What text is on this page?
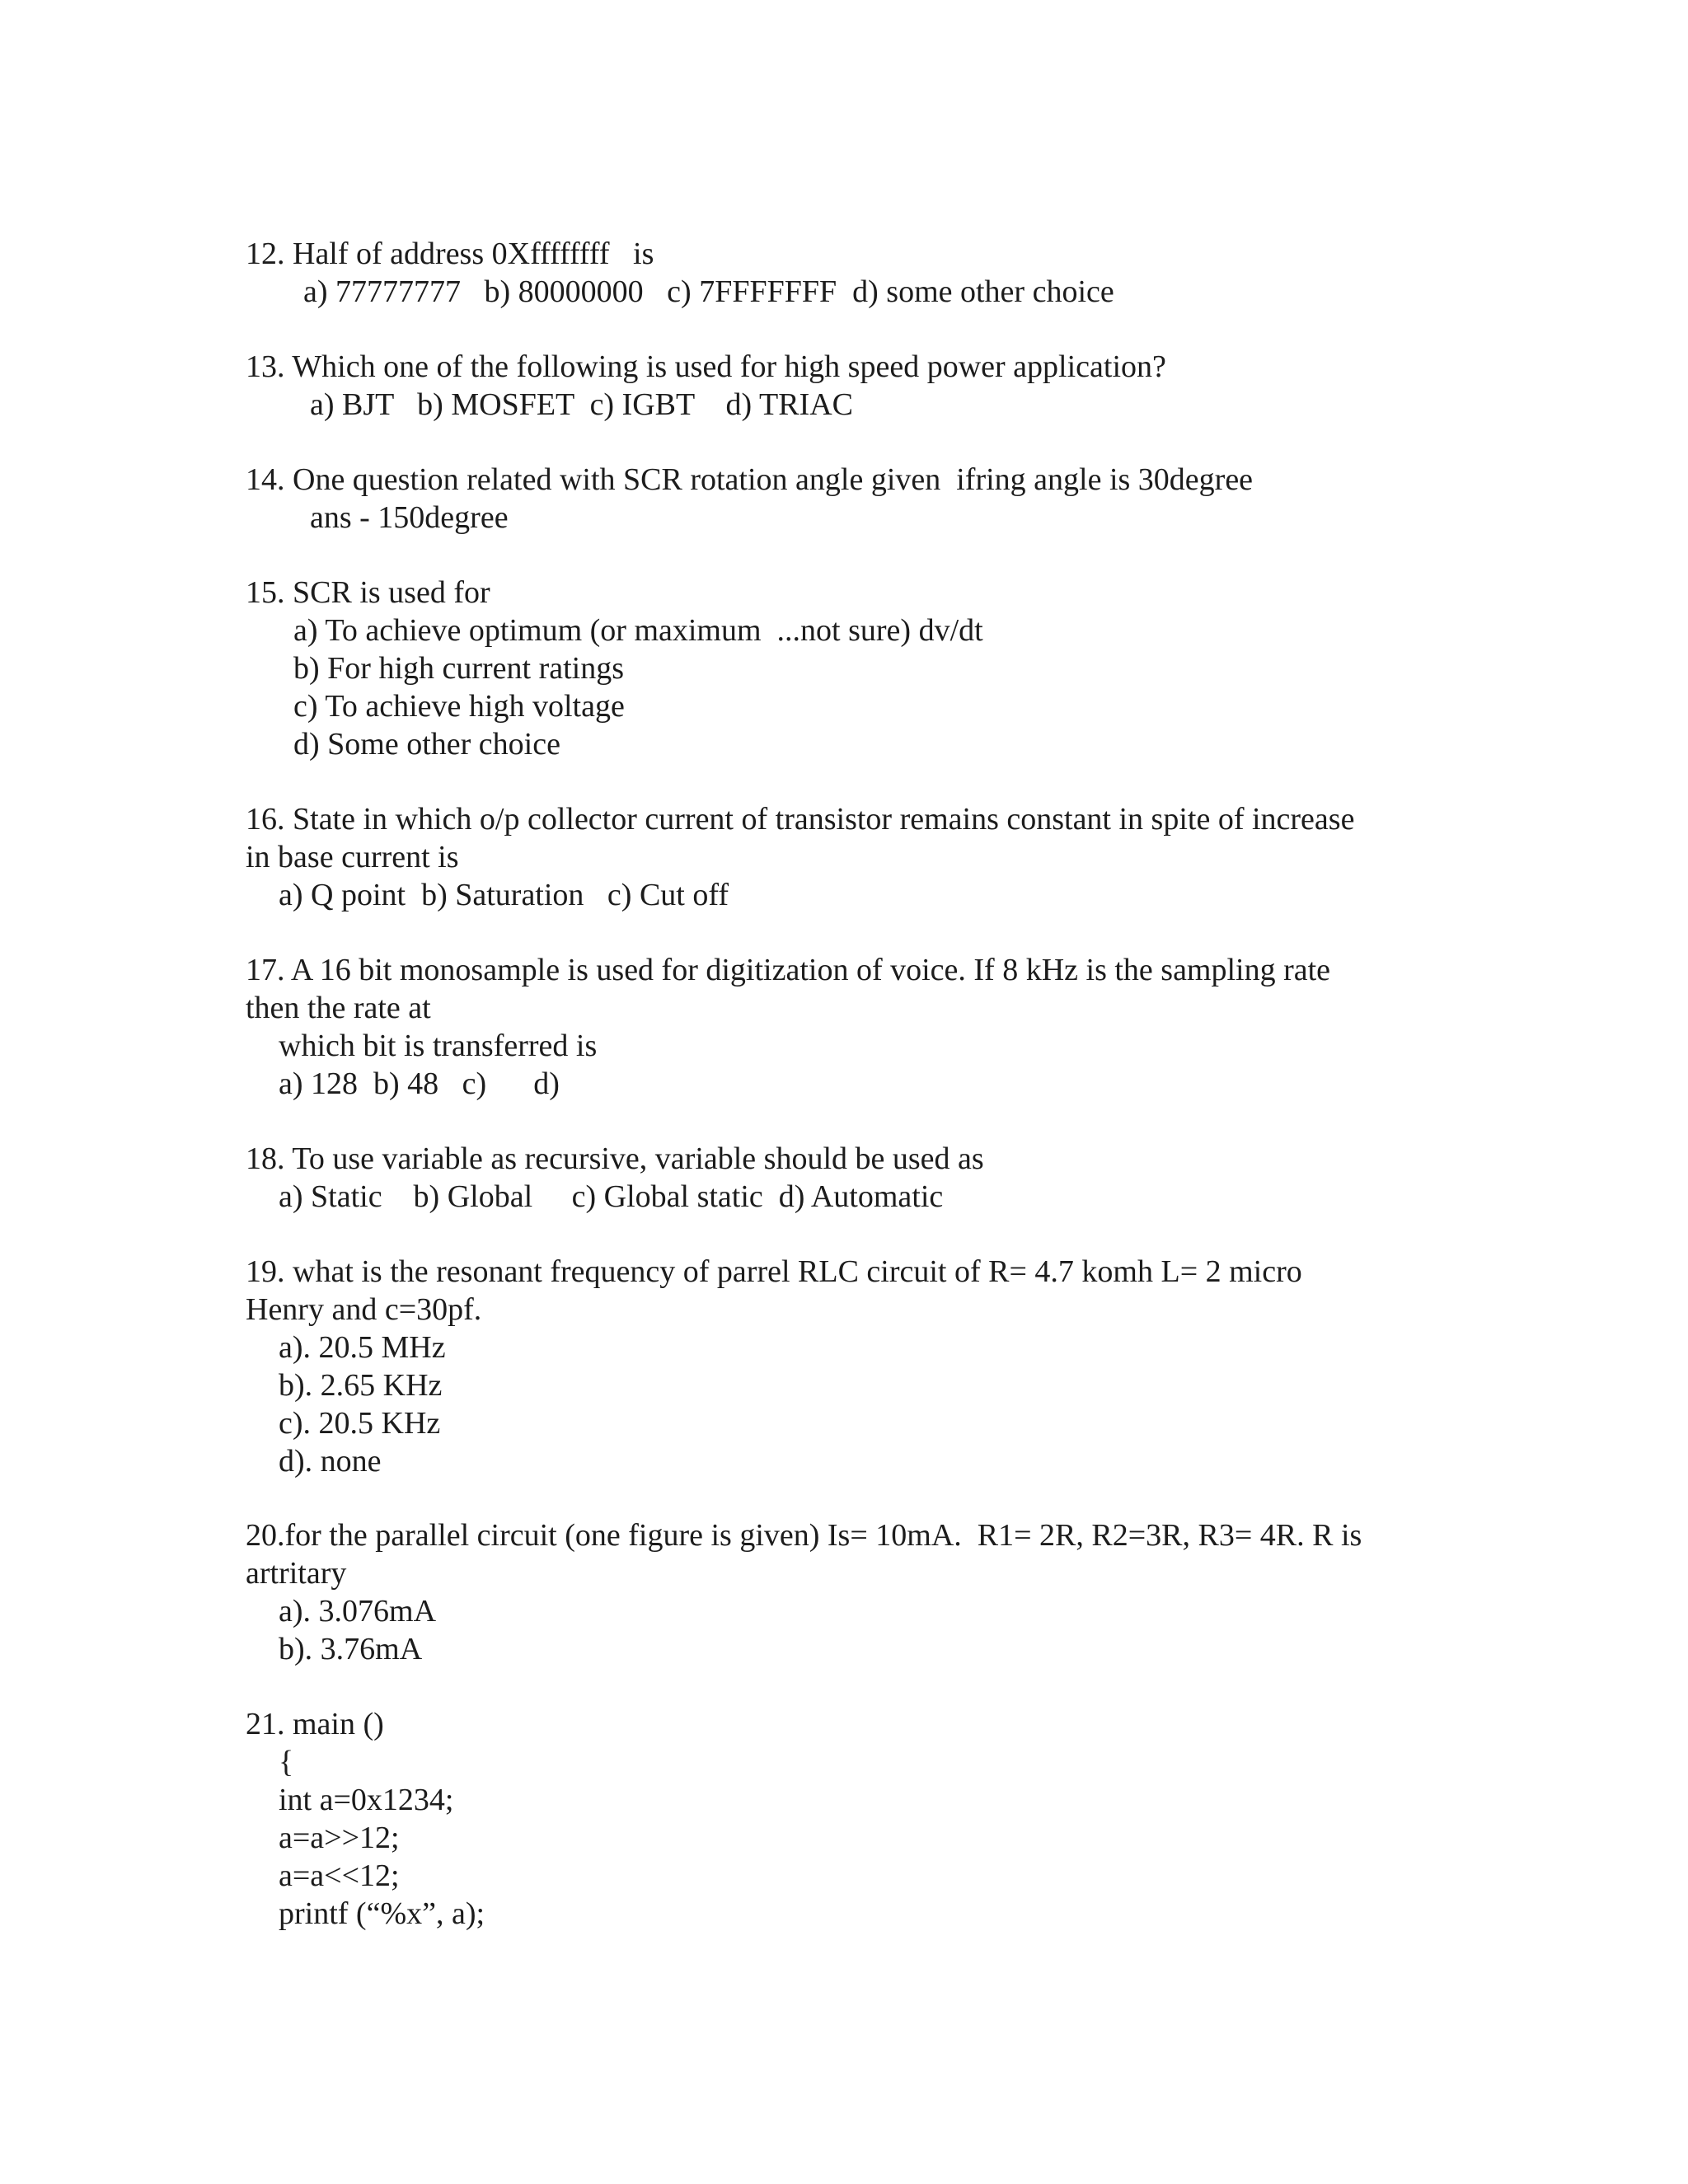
12. Half of address 0Xffffffff   is
a) 77777777   b) 80000000   c) 7FFFFFFF  d) some other choice
13. Which one of the following is used for high speed power application?
a) BJT   b) MOSFET  c) IGBT    d) TRIAC
14. One question related with SCR rotation angle given  ifring angle is 30degree
ans - 150degree
15. SCR is used for
a) To achieve optimum (or maximum  ...not sure) dv/dt
b) For high current ratings
c) To achieve high voltage
d) Some other choice
16. State in which o/p collector current of transistor remains constant in spite of increase
in base current is
a) Q point  b) Saturation   c) Cut off
17. A 16 bit monosample is used for digitization of voice. If 8 kHz is the sampling rate
then the rate at
which bit is transferred is
a) 128  b) 48   c)      d)
18. To use variable as recursive, variable should be used as
a) Static    b) Global     c) Global static  d) Automatic
19. what is the resonant frequency of parrel RLC circuit of R= 4.7 komh L= 2 micro
Henry and c=30pf.
a). 20.5 MHz
b). 2.65 KHz
c). 20.5 KHz
d). none
20.for the parallel circuit (one figure is given) Is= 10mA.  R1= 2R, R2=3R, R3= 4R. R is
artritary
a). 3.076mA
b). 3.76mA
21. main ()
{
int a=0x1234;
a=a>>12;
a=a<<12;
printf (“%x”, a);
